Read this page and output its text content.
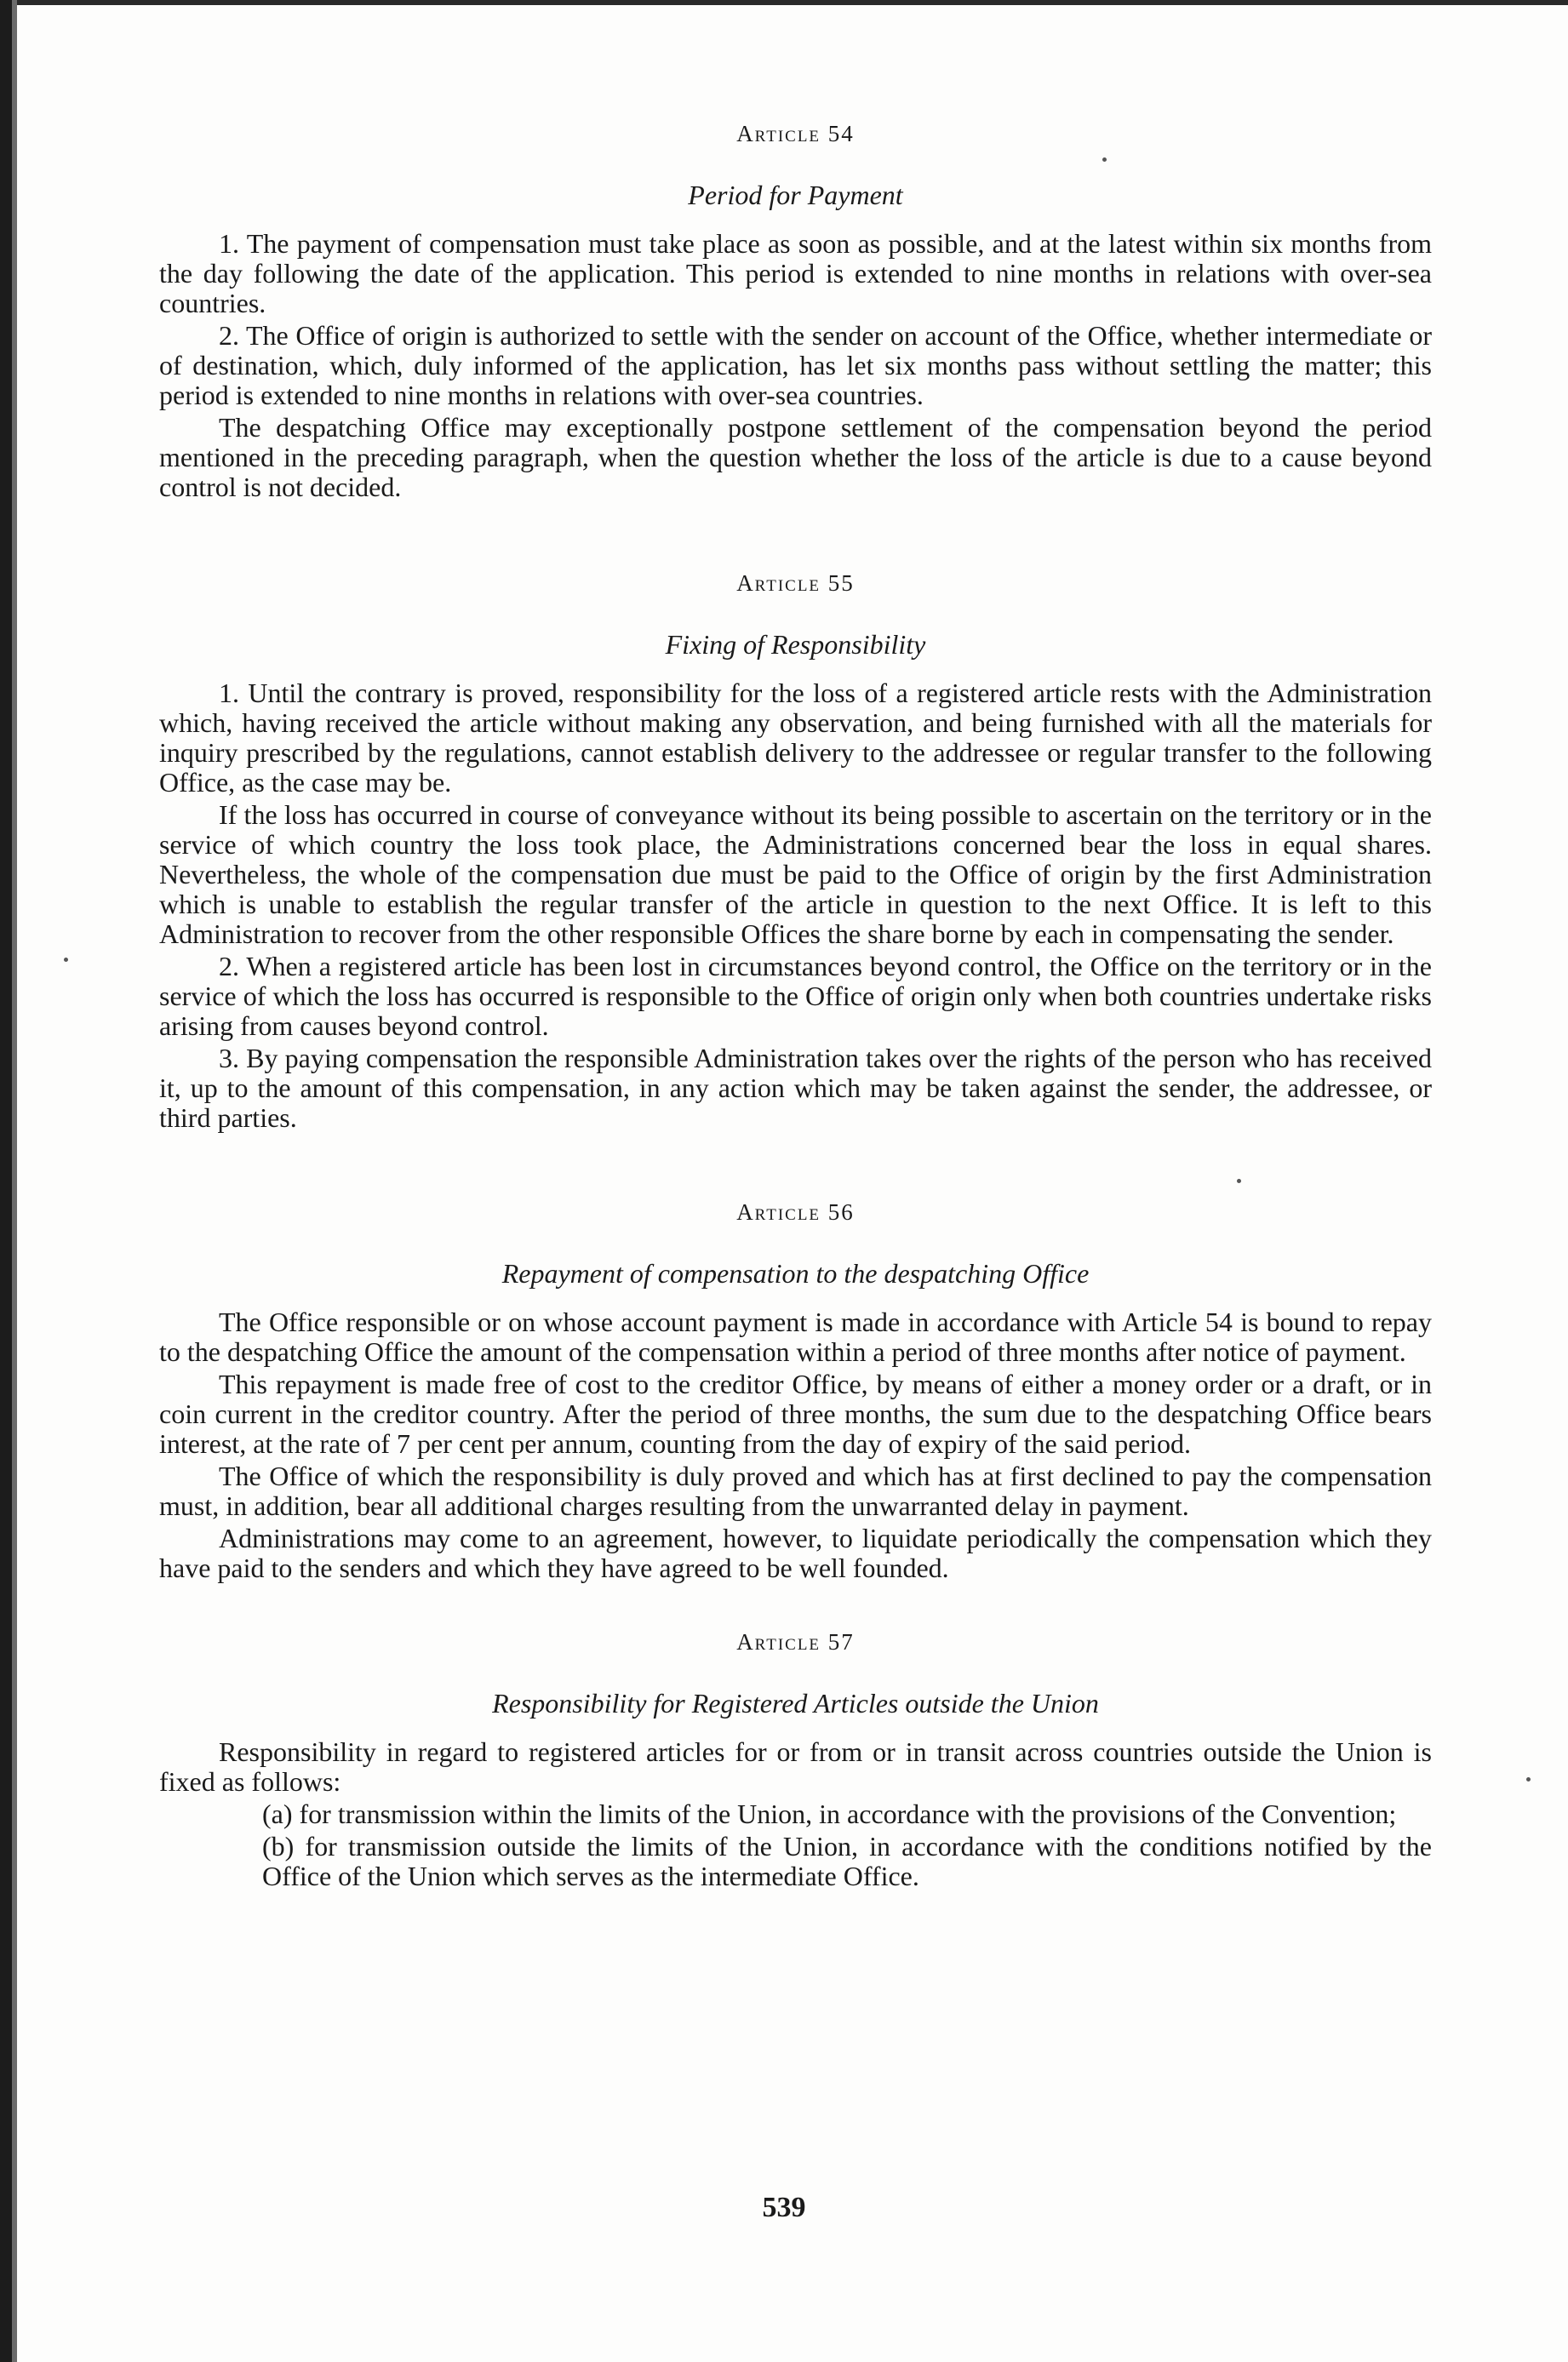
Article 54
Period for Payment

1. The payment of compensation must take place as soon as possible, and at the latest within six months from the day following the date of the application. This period is extended to nine months in relations with over-sea countries.

2. The Office of origin is authorized to settle with the sender on account of the Office, whether intermediate or of destination, which, duly informed of the application, has let six months pass without settling the matter; this period is extended to nine months in relations with over-sea countries.

The despatching Office may exceptionally postpone settlement of the compensation beyond the period mentioned in the preceding paragraph, when the question whether the loss of the article is due to a cause beyond control is not decided.

Article 55
Fixing of Responsibility

1. Until the contrary is proved, responsibility for the loss of a registered article rests with the Administration which, having received the article without making any observation, and being furnished with all the materials for inquiry prescribed by the regulations, cannot establish delivery to the addressee or regular transfer to the following Office, as the case may be.

If the loss has occurred in course of conveyance without its being possible to ascertain on the territory or in the service of which country the loss took place, the Administrations concerned bear the loss in equal shares. Nevertheless, the whole of the compensation due must be paid to the Office of origin by the first Administration which is unable to establish the regular transfer of the article in question to the next Office. It is left to this Administration to recover from the other responsible Offices the share borne by each in compensating the sender.

2. When a registered article has been lost in circumstances beyond control, the Office on the territory or in the service of which the loss has occurred is responsible to the Office of origin only when both countries undertake risks arising from causes beyond control.

3. By paying compensation the responsible Administration takes over the rights of the person who has received it, up to the amount of this compensation, in any action which may be taken against the sender, the addressee, or third parties.

Article 56
Repayment of compensation to the despatching Office

The Office responsible or on whose account payment is made in accordance with Article 54 is bound to repay to the despatching Office the amount of the compensation within a period of three months after notice of payment.

This repayment is made free of cost to the creditor Office, by means of either a money order or a draft, or in coin current in the creditor country. After the period of three months, the sum due to the despatching Office bears interest, at the rate of 7 per cent per annum, counting from the day of expiry of the said period.

The Office of which the responsibility is duly proved and which has at first declined to pay the compensation must, in addition, bear all additional charges resulting from the unwarranted delay in payment.

Administrations may come to an agreement, however, to liquidate periodically the compensation which they have paid to the senders and which they have agreed to be well founded.

Article 57
Responsibility for Registered Articles outside the Union

Responsibility in regard to registered articles for or from or in transit across countries outside the Union is fixed as follows:

(a) for transmission within the limits of the Union, in accordance with the provisions of the Convention;

(b) for transmission outside the limits of the Union, in accordance with the conditions notified by the Office of the Union which serves as the intermediate Office.

539
